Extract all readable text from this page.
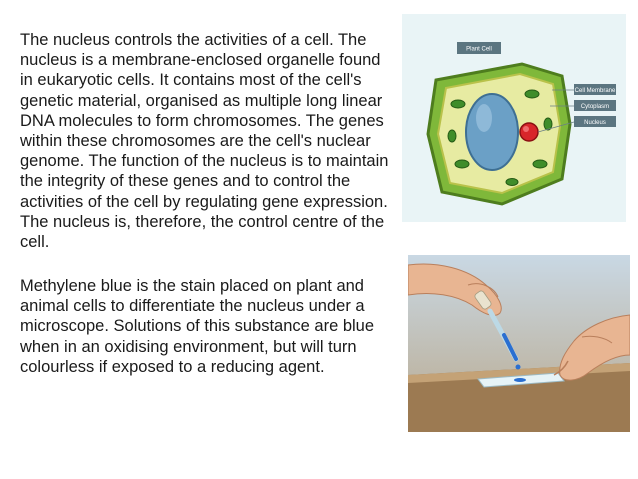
The nucleus controls the activities of a cell. The nucleus is a membrane-enclosed organelle found in eukaryotic cells. It contains most of the cell's genetic material, organised as multiple long linear DNA molecules to form chromosomes. The genes within these chromosomes are the cell's nuclear genome. The function of the nucleus is to maintain the integrity of these genes and to control the activities of the cell by regulating gene expression. The nucleus is, therefore, the control centre of the cell.

Methylene blue is the stain placed on plant and animal cells to differentiate the nucleus under a microscope. Solutions of this substance are blue when in an oxidising environment, but will turn colourless if exposed to a reducing agent.

Plant Cell
Cell Membrane
Cytoplasm
Nucleus
